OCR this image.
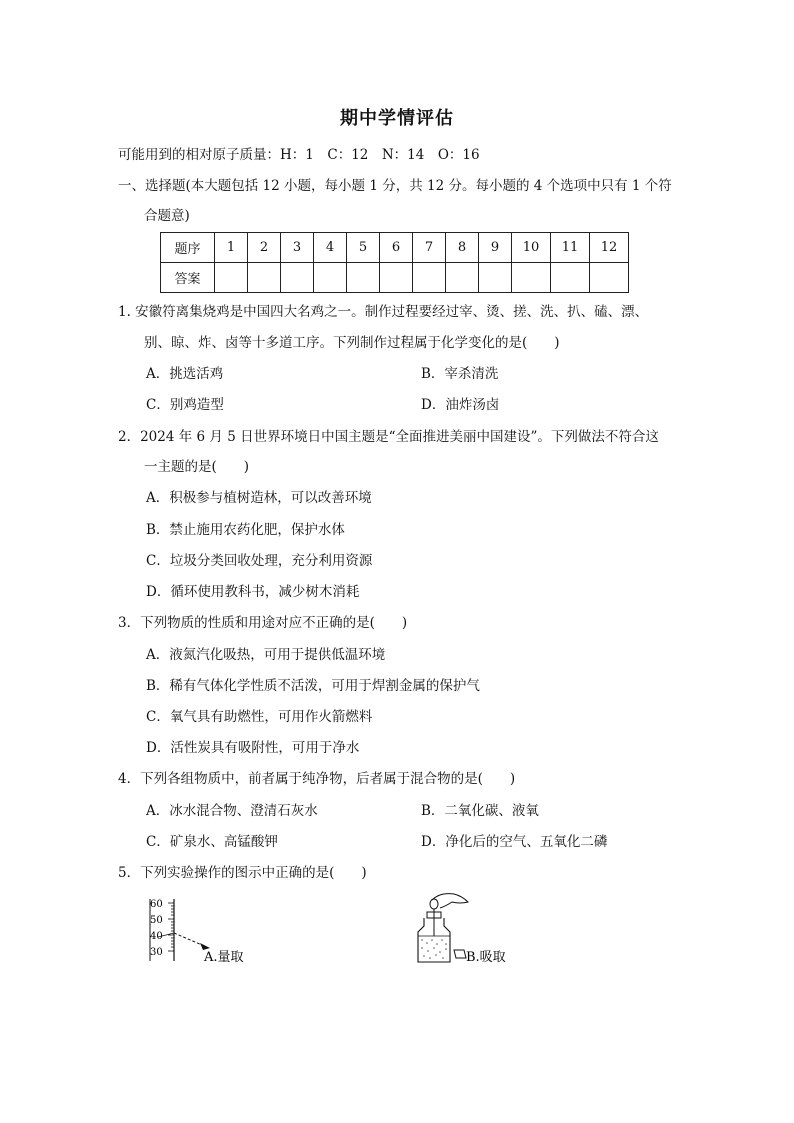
期中学情评估
可能用到的相对原子质量：H：1　C：12　N：14　O：16
一、选择题(本大题包括 12 小题，每小题 1 分，共 12 分。每小题的 4 个选项中只有 1 个符
合题意)
题序	1	2	3	4	5	6	7	8	9	10	11	12
答案												
1. 安徽符离集烧鸡是中国四大名鸡之一。制作过程要经过宰、烫、搓、洗、扒、磕、漂、
别、晾、炸、卤等十多道工序。下列制作过程属于化学变化的是(　　)
A．挑选活鸡	B．宰杀清洗
C．别鸡造型	D．油炸汤卤
2．2024 年 6 月 5 日世界环境日中国主题是“全面推进美丽中国建设”。下列做法不符合这
一主题的是(　　)
A．积极参与植树造林，可以改善环境
B．禁止施用农药化肥，保护水体
C．垃圾分类回收处理，充分利用资源
D．循环使用教科书，减少树木消耗
3．下列物质的性质和用途对应不正确的是(　　)
A．液氮汽化吸热，可用于提供低温环境
B．稀有气体化学性质不活泼，可用于焊割金属的保护气
C．氧气具有助燃性，可用作火箭燃料
D．活性炭具有吸附性，可用于净水
4．下列各组物质中，前者属于纯净物，后者属于混合物的是(　　)
A．冰水混合物、澄清石灰水	B．二氧化碳、液氧
C．矿泉水、高锰酸钾	D．净化后的空气、五氧化二磷
5．下列实验操作的图示中正确的是(　　)
60
50
40
30	A.量取	B.吸取
